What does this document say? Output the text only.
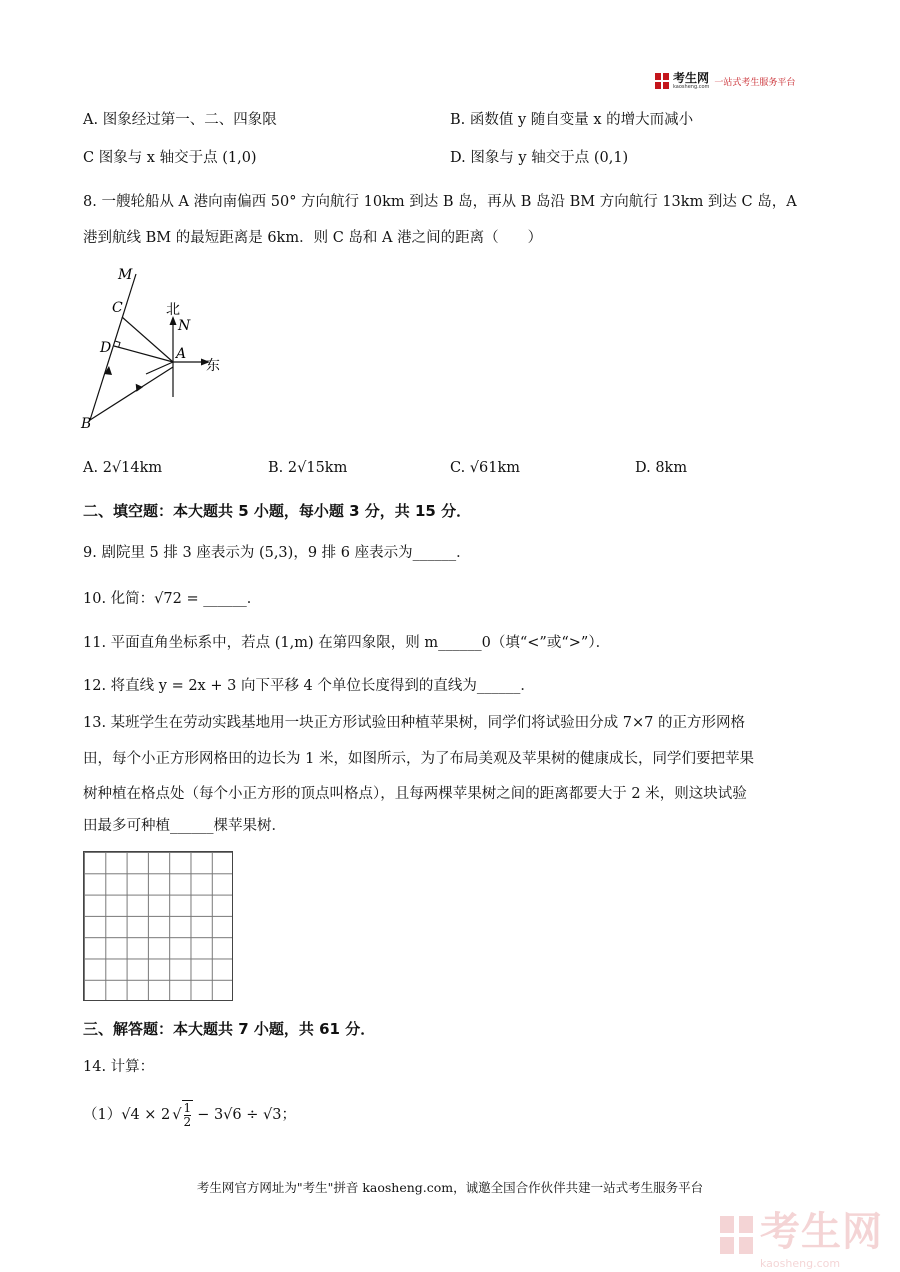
考生网
kaosheng.com 一站式考生服务平台
A. 图象经过第一、二、四象限	B. 函数值 y 随自变量 x 的增大而减小
C 图象与 x 轴交于点 (1,0)	D. 图象与 y 轴交于点 (0,1)
8. 一艘轮船从 A 港向南偏西 50° 方向航行 10km 到达 B 岛，再从 B 岛沿 BM 方向航行 13km 到达 C 岛，A
港到航线 BM 的最短距离是 6km．则 C 岛和 A 港之间的距离（　　）
M
C	北
N
D	A
东
B
A. 2√14km	B. 2√15km	C. √61km	D. 8km
二、填空题：本大题共 5 小题，每小题 3 分，共 15 分．
9. 剧院里 5 排 3 座表示为 (5,3)，9 排 6 座表示为______．
10. 化简：√72 = ______．
11. 平面直角坐标系中，若点 (1,m) 在第四象限，则 m______0（填“<”或“>”）．
12. 将直线 y = 2x + 3 向下平移 4 个单位长度得到的直线为______．
13. 某班学生在劳动实践基地用一块正方形试验田种植苹果树，同学们将试验田分成 7×7 的正方形网格
田，每个小正方形网格田的边长为 1 米，如图所示，为了布局美观及苹果树的健康成长，同学们要把苹果
树种植在格点处（每个小正方形的顶点叫格点），且每两棵苹果树之间的距离都要大于 2 米，则这块试验
田最多可种植______棵苹果树．
三、解答题：本大题共 7 小题，共 61 分．
14. 计算：
（1）√4 × 2 √ $\frac{1}{2} - 3√6 \div √3$；
考生网官方网址为"考生"拼音 kaosheng.com，诚邀全国合作伙伴共建一站式考生服务平台
考生网
kaosheng.com
